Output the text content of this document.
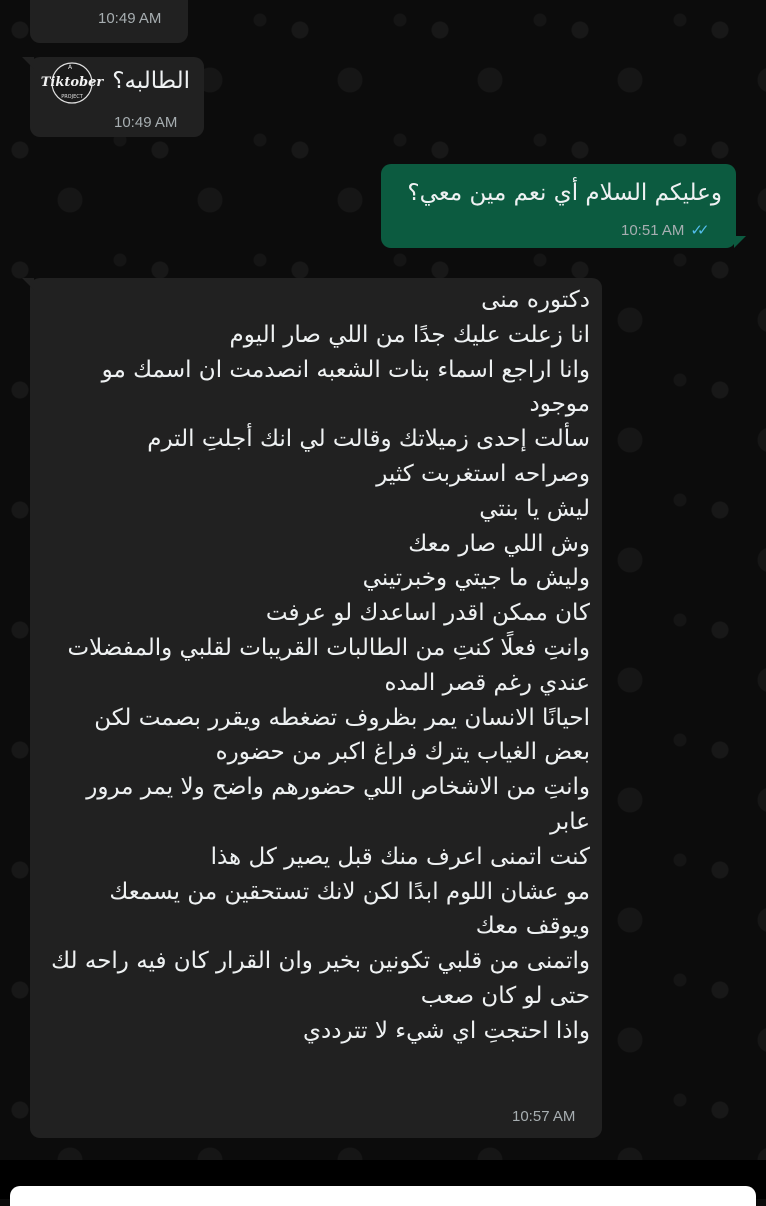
10:49 AM
Tiktober
A
PROJECT
الطالبه؟
10:49 AM
وعليكم السلام أي نعم مين معي؟
10:51 AM ✓✓
دكتوره منى
انا زعلت عليك جدًا من اللي صار اليوم
وانا اراجع اسماء بنات الشعبه انصدمت ان اسمك مو
موجود
سألت إحدى زميلاتك وقالت لي انك أجلتِ الترم
وصراحه استغربت كثير
ليش يا بنتي
وش اللي صار معك
وليش ما جيتي وخبرتيني
كان ممكن اقدر اساعدك لو عرفت
وانتِ فعلًا كنتِ من الطالبات القريبات لقلبي والمفضلات
عندي رغم قصر المده
احيانًا الانسان يمر بظروف تضغطه ويقرر بصمت لكن
بعض الغياب يترك فراغ اكبر من حضوره
وانتِ من الاشخاص اللي حضورهم واضح ولا يمر مرور
عابر
كنت اتمنى اعرف منك قبل يصير كل هذا
مو عشان اللوم ابدًا لكن لانك تستحقين من يسمعك
ويوقف معك
واتمنى من قلبي تكونين بخير وان القرار كان فيه راحه لك
حتى لو كان صعب
واذا احتجتِ اي شيء لا تترددي
10:57 AM
